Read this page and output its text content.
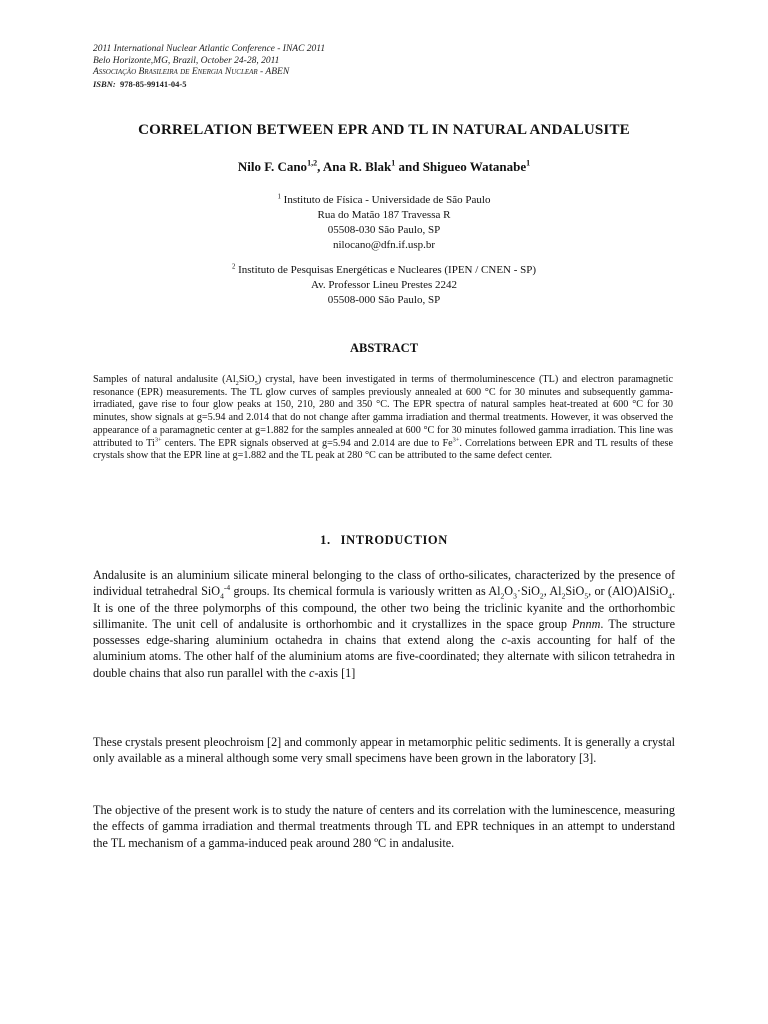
2011 International Nuclear Atlantic Conference - INAC 2011
Belo Horizonte,MG, Brazil, October 24-28, 2011
Associação Brasileira de Energia Nuclear - ABEN
ISBN: 978-85-99141-04-5
CORRELATION BETWEEN EPR AND TL IN NATURAL ANDALUSITE
Nilo F. Cano$^{1,2}$, Ana R. Blak$^1$ and Shigueo Watanabe$^1$
$^1$ Instituto de Física - Universidade de São Paulo
Rua do Matão 187 Travessa R
05508-030 São Paulo, SP
nilocano@dfn.if.usp.br
$^2$ Instituto de Pesquisas Energéticas e Nucleares (IPEN / CNEN - SP)
Av. Professor Lineu Prestes 2242
05508-000 São Paulo, SP
ABSTRACT
Samples of natural andalusite $(Al_2SiO_5)$ crystal, have been investigated in terms of thermoluminescence (TL) and electron paramagnetic resonance (EPR) measurements. The TL glow curves of samples previously annealed at 600 °C for 30 minutes and subsequently gamma-irradiated, gave rise to four glow peaks at 150, 210, 280 and 350 °C. The EPR spectra of natural samples heat-treated at 600 °C for 30 minutes, show signals at g=5.94 and 2.014 that do not change after gamma irradiation and thermal treatments. However, it was observed the appearance of a paramagnetic center at g=1.882 for the samples annealed at 600 °C for 30 minutes followed gamma irradiation. This line was attributed to $Ti^{3+}$ centers. The EPR signals observed at g=5.94 and 2.014 are due to $Fe^{3+}$. Correlations between EPR and TL results of these crystals show that the EPR line at g=1.882 and the TL peak at 280 °C can be attributed to the same defect center.
1. INTRODUCTION
Andalusite is an aluminium silicate mineral belonging to the class of ortho-silicates, characterized by the presence of individual tetrahedral SiO$_4^{-4}$ groups. Its chemical formula is variously written as $Al_2O_3\cdot SiO_2$, $Al_2SiO_5$, or (AlO)AlSiO$_4$. It is one of the three polymorphs of this compound, the other two being the triclinic kyanite and the orthorhombic sillimanite. The unit cell of andalusite is orthorhombic and it crystallizes in the space group Pnnm. The structure possesses edge-sharing aluminium octahedra in chains that extend along the c-axis accounting for half of the aluminium atoms. The other half of the aluminium atoms are five-coordinated; they alternate with silicon tetrahedra in double chains that also run parallel with the c-axis [1]
These crystals present pleochroism [2] and commonly appear in metamorphic pelitic sediments. It is generally a crystal only available as a mineral although some very small specimens have been grown in the laboratory [3].
The objective of the present work is to study the nature of centers and its correlation with the luminescence, measuring the effects of gamma irradiation and thermal treatments through TL and EPR techniques in an attempt to understand the TL mechanism of a gamma-induced peak around 280 ºC in andalusite.
